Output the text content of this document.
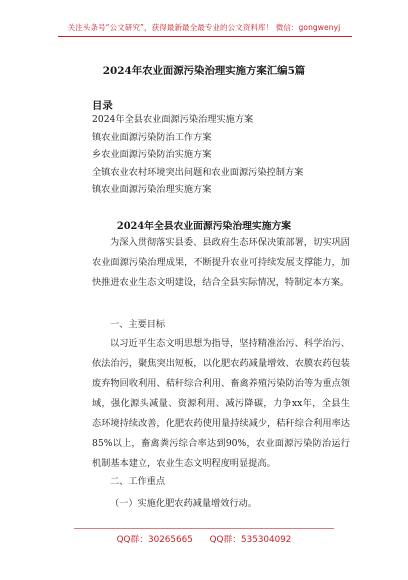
关注头条号“公文研究”，获得最新最全最专业的公文资料库！ 微信：gongwenyj
2024年农业面源污染治理实施方案汇编5篇
目录
2024年全县农业面源污染治理实施方案
镇农业面源污染防治工作方案
乡农业面源污染防治实施方案
全镇农业农村环境突出问题和农业面源污染控制方案
镇农业面源污染治理实施方案
2024年全县农业面源污染治理实施方案

为深入贯彻落实县委、县政府生态环保决策部署，切实巩固农业面源污染治理成果，不断提升农业可持续发展支撑能力，加快推进农业生态文明建设，结合全县实际情况，特制定本方案。

一、主要目标

以习近平生态文明思想为指导，坚持精准治污、科学治污、依法治污，聚焦突出短板，以化肥农药减量增效、农膜农药包装废弃物回收利用、秸秆综合利用、畜禽养殖污染防治等为重点领域，强化源头减量、资源利用、减污降碳，力争xx年，全县生态环境持续改善，化肥农药使用量持续减少，秸秆综合利用率达85%以上，畜禽粪污综合率达到90%，农业面源污染防治运行机制基本建立，农业生态文明程度明显提高。

二、工作重点

（一）实施化肥农药减量增效行动。

QQ群：30265665 QQ群：535304092
